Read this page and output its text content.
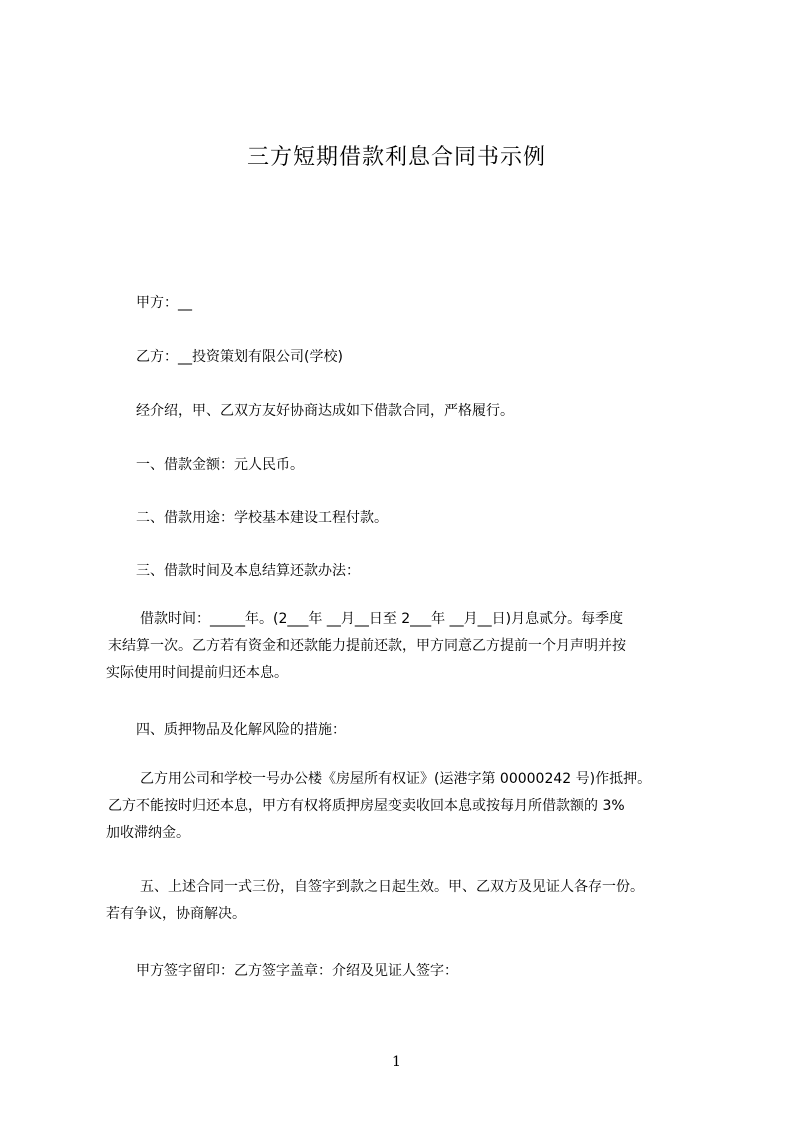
三方短期借款利息合同书示例
甲方：__
乙方：__投资策划有限公司(学校)
经介绍，甲、乙双方友好协商达成如下借款合同，严格履行。
一、借款金额：元人民币。
二、借款用途：学校基本建设工程付款。
三、借款时间及本息结算还款办法：
借款时间：_____年。(2___年 __月__日至 2___年 __月__日)月息贰分。每季度
末结算一次。乙方若有资金和还款能力提前还款，甲方同意乙方提前一个月声明并按
实际使用时间提前归还本息。
四、质押物品及化解风险的措施：
乙方用公司和学校一号办公楼《房屋所有权证》(运港字第 00000242 号)作抵押。
乙方不能按时归还本息，甲方有权将质押房屋变卖收回本息或按每月所借款额的 3%
加收滞纳金。
五、上述合同一式三份，自签字到款之日起生效。甲、乙双方及见证人各存一份。
若有争议，协商解决。
甲方签字留印：乙方签字盖章：介绍及见证人签字：
1
